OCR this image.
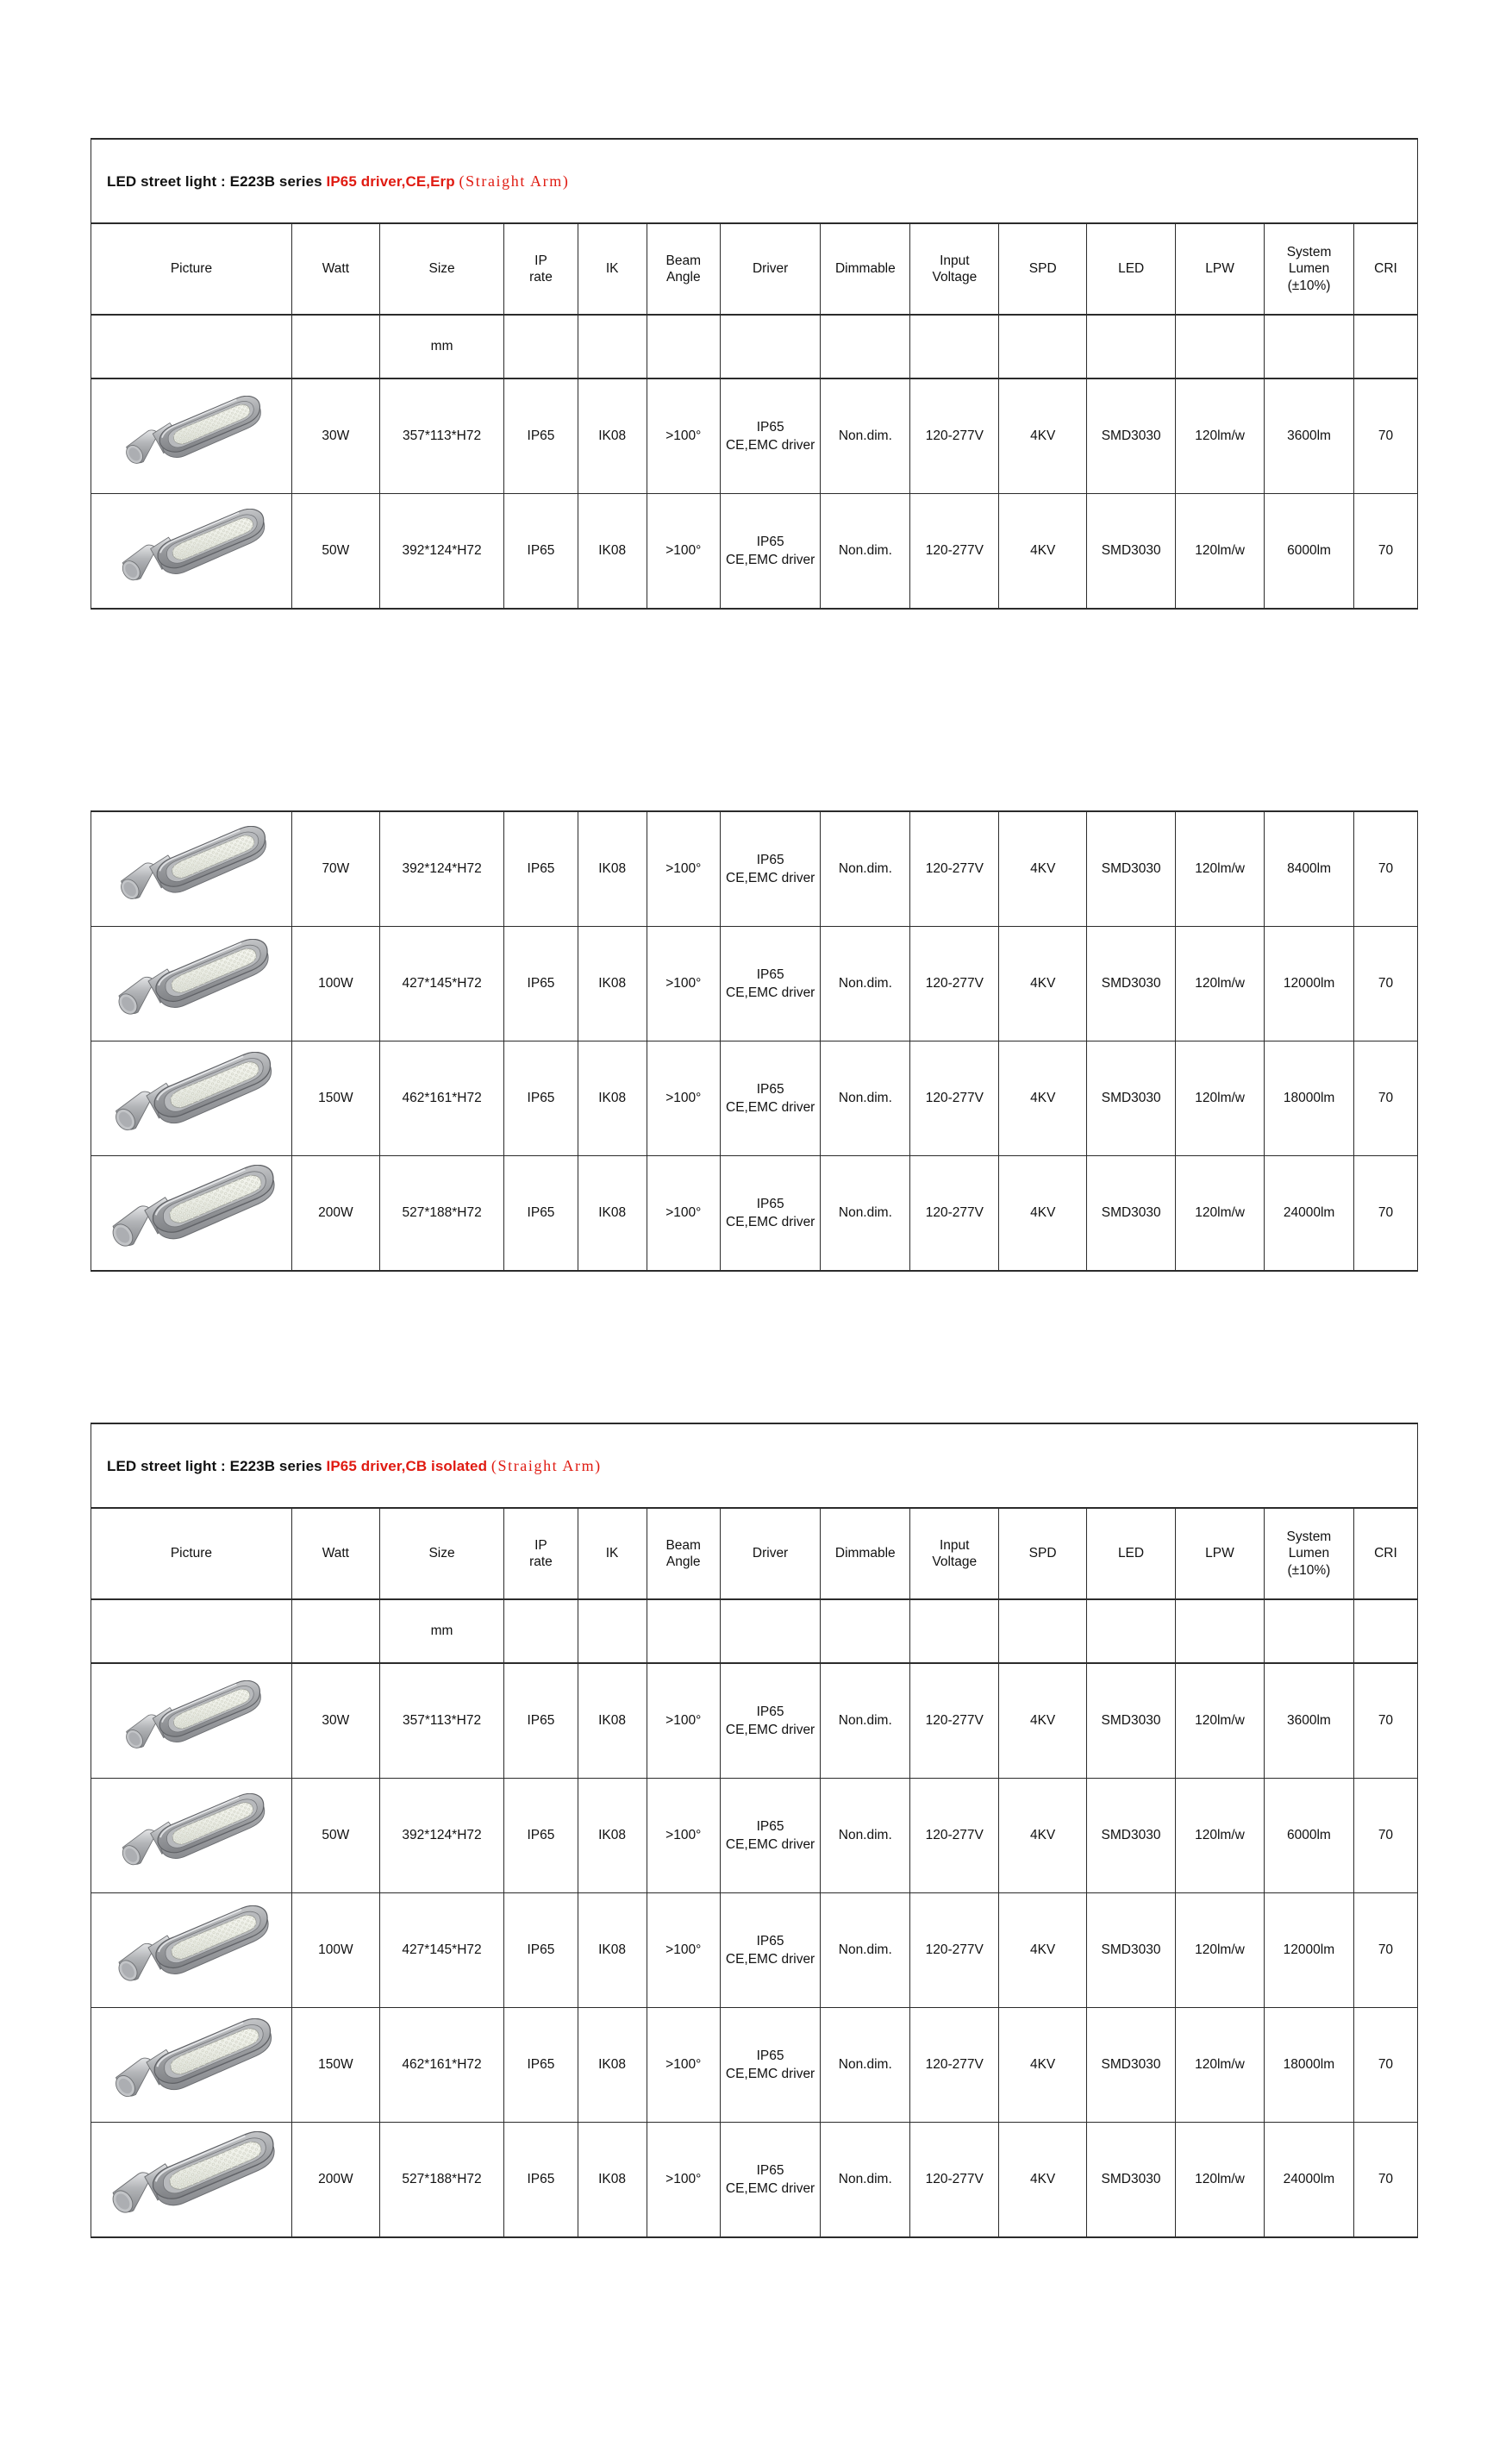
LED street light : E223B series IP65 driver,CE,Erp (Straight Arm)													

Picture	Watt	Size	IP
rate	IK	Beam
Angle	Driver	Dimmable	Input
Voltage	SPD	LED	LPW	System
Lumen
(±10%)	CRI

		mm											

	30W	357*113*H72	IP65	IK08	>100°	IP65
CE,EMC driver	Non.dim.	120-277V	4KV	SMD3030	120lm/w	3600lm	70

	50W	392*124*H72	IP65	IK08	>100°	IP65
CE,EMC driver	Non.dim.	120-277V	4KV	SMD3030	120lm/w	6000lm	70
	70W	392*124*H72	IP65	IK08	>100°	IP65
CE,EMC driver	Non.dim.	120-277V	4KV	SMD3030	120lm/w	8400lm	70

	100W	427*145*H72	IP65	IK08	>100°	IP65
CE,EMC driver	Non.dim.	120-277V	4KV	SMD3030	120lm/w	12000lm	70

	150W	462*161*H72	IP65	IK08	>100°	IP65
CE,EMC driver	Non.dim.	120-277V	4KV	SMD3030	120lm/w	18000lm	70

	200W	527*188*H72	IP65	IK08	>100°	IP65
CE,EMC driver	Non.dim.	120-277V	4KV	SMD3030	120lm/w	24000lm	70
LED street light : E223B series IP65 driver,CB isolated (Straight Arm)													

Picture	Watt	Size	IP
rate	IK	Beam
Angle	Driver	Dimmable	Input
Voltage	SPD	LED	LPW	System
Lumen
(±10%)	CRI

		mm											

	30W	357*113*H72	IP65	IK08	>100°	IP65
CE,EMC driver	Non.dim.	120-277V	4KV	SMD3030	120lm/w	3600lm	70

	50W	392*124*H72	IP65	IK08	>100°	IP65
CE,EMC driver	Non.dim.	120-277V	4KV	SMD3030	120lm/w	6000lm	70

	100W	427*145*H72	IP65	IK08	>100°	IP65
CE,EMC driver	Non.dim.	120-277V	4KV	SMD3030	120lm/w	12000lm	70

	150W	462*161*H72	IP65	IK08	>100°	IP65
CE,EMC driver	Non.dim.	120-277V	4KV	SMD3030	120lm/w	18000lm	70

	200W	527*188*H72	IP65	IK08	>100°	IP65
CE,EMC driver	Non.dim.	120-277V	4KV	SMD3030	120lm/w	24000lm	70
